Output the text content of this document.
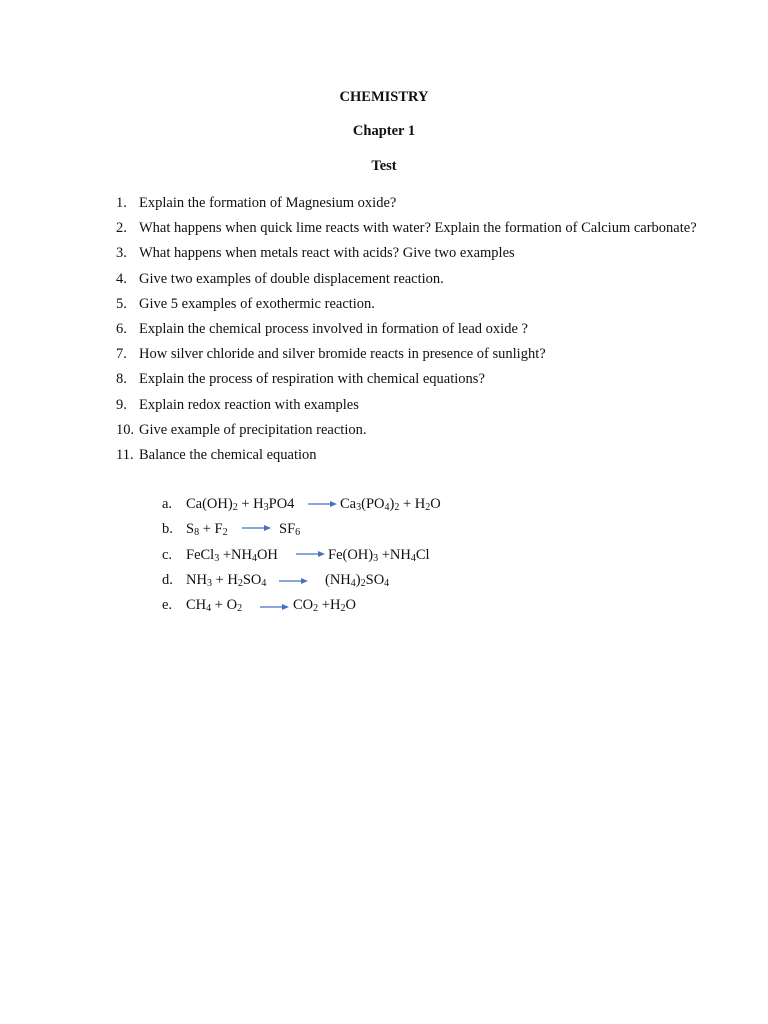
CHEMISTRY
Chapter 1
Test
1. Explain the formation of Magnesium oxide?
2. What happens when quick lime reacts with water? Explain the formation of Calcium carbonate?
3. What happens when metals react with acids? Give two examples
4. Give two examples of double displacement reaction.
5. Give 5 examples of exothermic reaction.
6. Explain the chemical process involved in formation of lead oxide ?
7. How silver chloride and silver bromide reacts in presence of sunlight?
8. Explain the process of respiration with chemical equations?
9. Explain redox reaction with examples
10. Give example of precipitation reaction.
11. Balance the chemical equation
a. $Ca(OH)_2 + H_3PO4$	$Ca_3(PO_4)_2 + H_2O$
b. $S_8 + F_2$	$SF_6$
c. FeCl$_3$ $+NH_4OH$	$Fe(OH)_3 +NH_4Cl$
d. $NH_3 + H_2SO_4$	$(NH_4)_2SO_4$
e. $CH_4 + O_2$	$CO_2 +H_2O$
